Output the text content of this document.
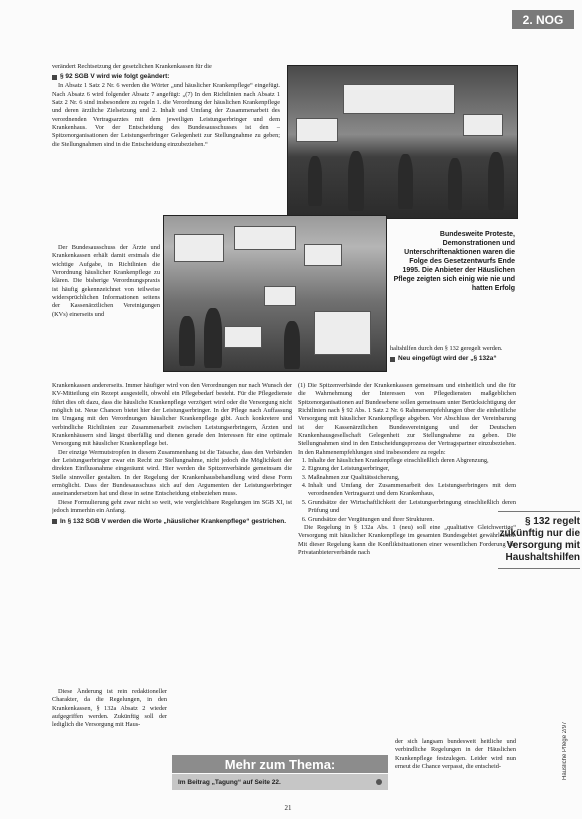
2. NOG

verändert Rechtsetzung der gesetzlichen Krankenkassen für die

§ 92 SGB V wird wie folgt geändert:

In Absatz 1 Satz 2 Nr. 6 werden die Wörter „und häuslicher Krankenpflege“ eingefügt. Nach Absatz 6 wird folgender Absatz 7 angefügt: „(7) In den Richtlinien nach Absatz 1 Satz 2 Nr. 6 sind insbesondere zu regeln 1. die Verordnung der häuslichen Krankenpflege und deren ärztliche Zielsetzung und 2. Inhalt und Umfang der Zusammenarbeit des verordnenden Vertragsarztes mit dem jeweiligen Leistungserbringer und dem Krankenhaus. Vor der Entscheidung des Bundesausschusses ist den – Spitzenorganisationen der Leistungserbringer Gelegenheit zur Stellungnahme zu geben; die Stellungnahmen sind in die Entscheidung einzubeziehen.“

Der Bundesausschuss der Ärzte und Krankenkassen erhält damit erstmals die wichtige Aufgabe, in Richtlinien die Verordnung häuslicher Krankenpflege zu klären. Die bisherige Verordnungspraxis ist häufig gekennzeichnet von teilweise widersprüchlichen Informationen seitens der Kassenärztlichen Vereinigungen (KVs) einerseits und

Krankenkassen andererseits. Immer häufiger wird von den Verordnungen nur nach Wunsch der KV-Mitteilung ein Rezept ausgestellt, obwohl ein Pflegebedarf besteht. Für die Pflegedienste führt dies oft dazu, dass die häusliche Krankenpflege verzögert wird oder die Versorgung nicht möglich ist. Neue Chancen bietet hier der Leistungserbringer. In der Pflege nach Auffassung im Umgang mit den Verordnungen häuslicher Krankenpflege gibt. Auch konkretere und verbindliche Richtlinien zur Zusammenarbeit zwischen Leistungserbringern, Ärzten und Krankenhäusern sind längst überfällig und dienen gerade den Interessen für eine optimale Versorgung mit häuslicher Krankenpflege bei.

Der einzige Wermutstropfen in diesem Zusammenhang ist die Tatsache, dass den Verbänden der Leistungserbringer zwar ein Recht zur Stellungnahme, nicht jedoch die Möglichkeit der direkten Einflussnahme eingeräumt wird. Hier werden die Spitzenverbände gemeinsam die Stelle sinnvoller gestalten. In der Regelung der Krankenhausbehandlung wird diese Form ermöglicht. Dass der Bundesausschuss sich auf den Argumenten der Leistungserbringer auseinandersetzen hat und diese in seine Entscheidung einbeziehen muss.

Diese Formulierung geht zwar nicht so weit, wie vergleichbare Regelungen im SGB XI, ist jedoch immerhin ein Anfang.

In § 132 SGB V werden die Worte „häuslicher Krankenpflege“ gestrichen.

Diese Änderung ist rein redaktioneller Charakter, da die Regelungen, in den Krankenkassen, § 132a Absatz 2 wieder aufgegriffen werden. Zukünftig soll der lediglich die Versorgung mit Haus-

Bundesweite Proteste, Demonstrationen und Unterschriftenaktionen waren die Folge des Gesetzentwurfs Ende 1995. Die Anbieter der Häuslichen Pflege zeigten sich einig wie nie und hatten Erfolg

haltshilfen durch den § 132 geregelt werden.

Neu eingefügt wird der „§ 132a“

(1) Die Spitzenverbände der Krankenkassen gemeinsam und einheitlich und die für die Wahrnehmung der Interessen von Pflegediensten maßgeblichen Spitzenorganisationen auf Bundesebene sollen gemeinsam unter Berücksichtigung der Richtlinien nach § 92 Abs. 1 Satz 2 Nr. 6 Rahmenempfehlungen über die einheitliche Versorgung mit häuslicher Krankenpflege abgeben. Vor Abschluss der Vereinbarung ist der Kassenärztlichen Bundesvereinigung und der Deutschen Krankenhausgesellschaft Gelegenheit zur Stellungnahme zu geben. Die Stellungnahmen sind in den Entscheidungsprozess der Vertragspartner einzubeziehen. In den Rahmenempfehlungen sind insbesondere zu regeln:

1. Inhalte der häuslichen Krankenpflege einschließlich deren Abgrenzung,
2. Eignung der Leistungserbringer,
3. Maßnahmen zur Qualitätssicherung,
4. Inhalt und Umfang der Zusammenarbeit des Leistungserbringers mit dem verordnenden Vertragsarzt und dem Krankenhaus,
5. Grundsätze der Wirtschaftlichkeit der Leistungserbringung einschließlich deren Prüfung und
6. Grundsätze der Vergütungen und ihrer Strukturen.

Die Regelung in § 132a Abs. 1 (neu) soll eine „qualitative Gleichwertige“ Versorgung mit häuslicher Krankenpflege im gesamten Bundesgebiet gewährleisten. Mit dieser Regelung kann die Konfliktsituationen einer wesentlichen Forderung der Privatanbieterverbände nach

der sich langsam bundesweit heitliche und verbindliche Regelungen in der Häuslichen Krankenpflege festzulegen. Leider wird nun erneut die Chance verpasst, die entscheid-

§ 132 regelt zukünftig nur die Versorgung mit Haushaltshilfen
Mehr zum Thema:
Im Beitrag „Tagung“ auf Seite 22.
21
Häusliche Pflege 2/97
